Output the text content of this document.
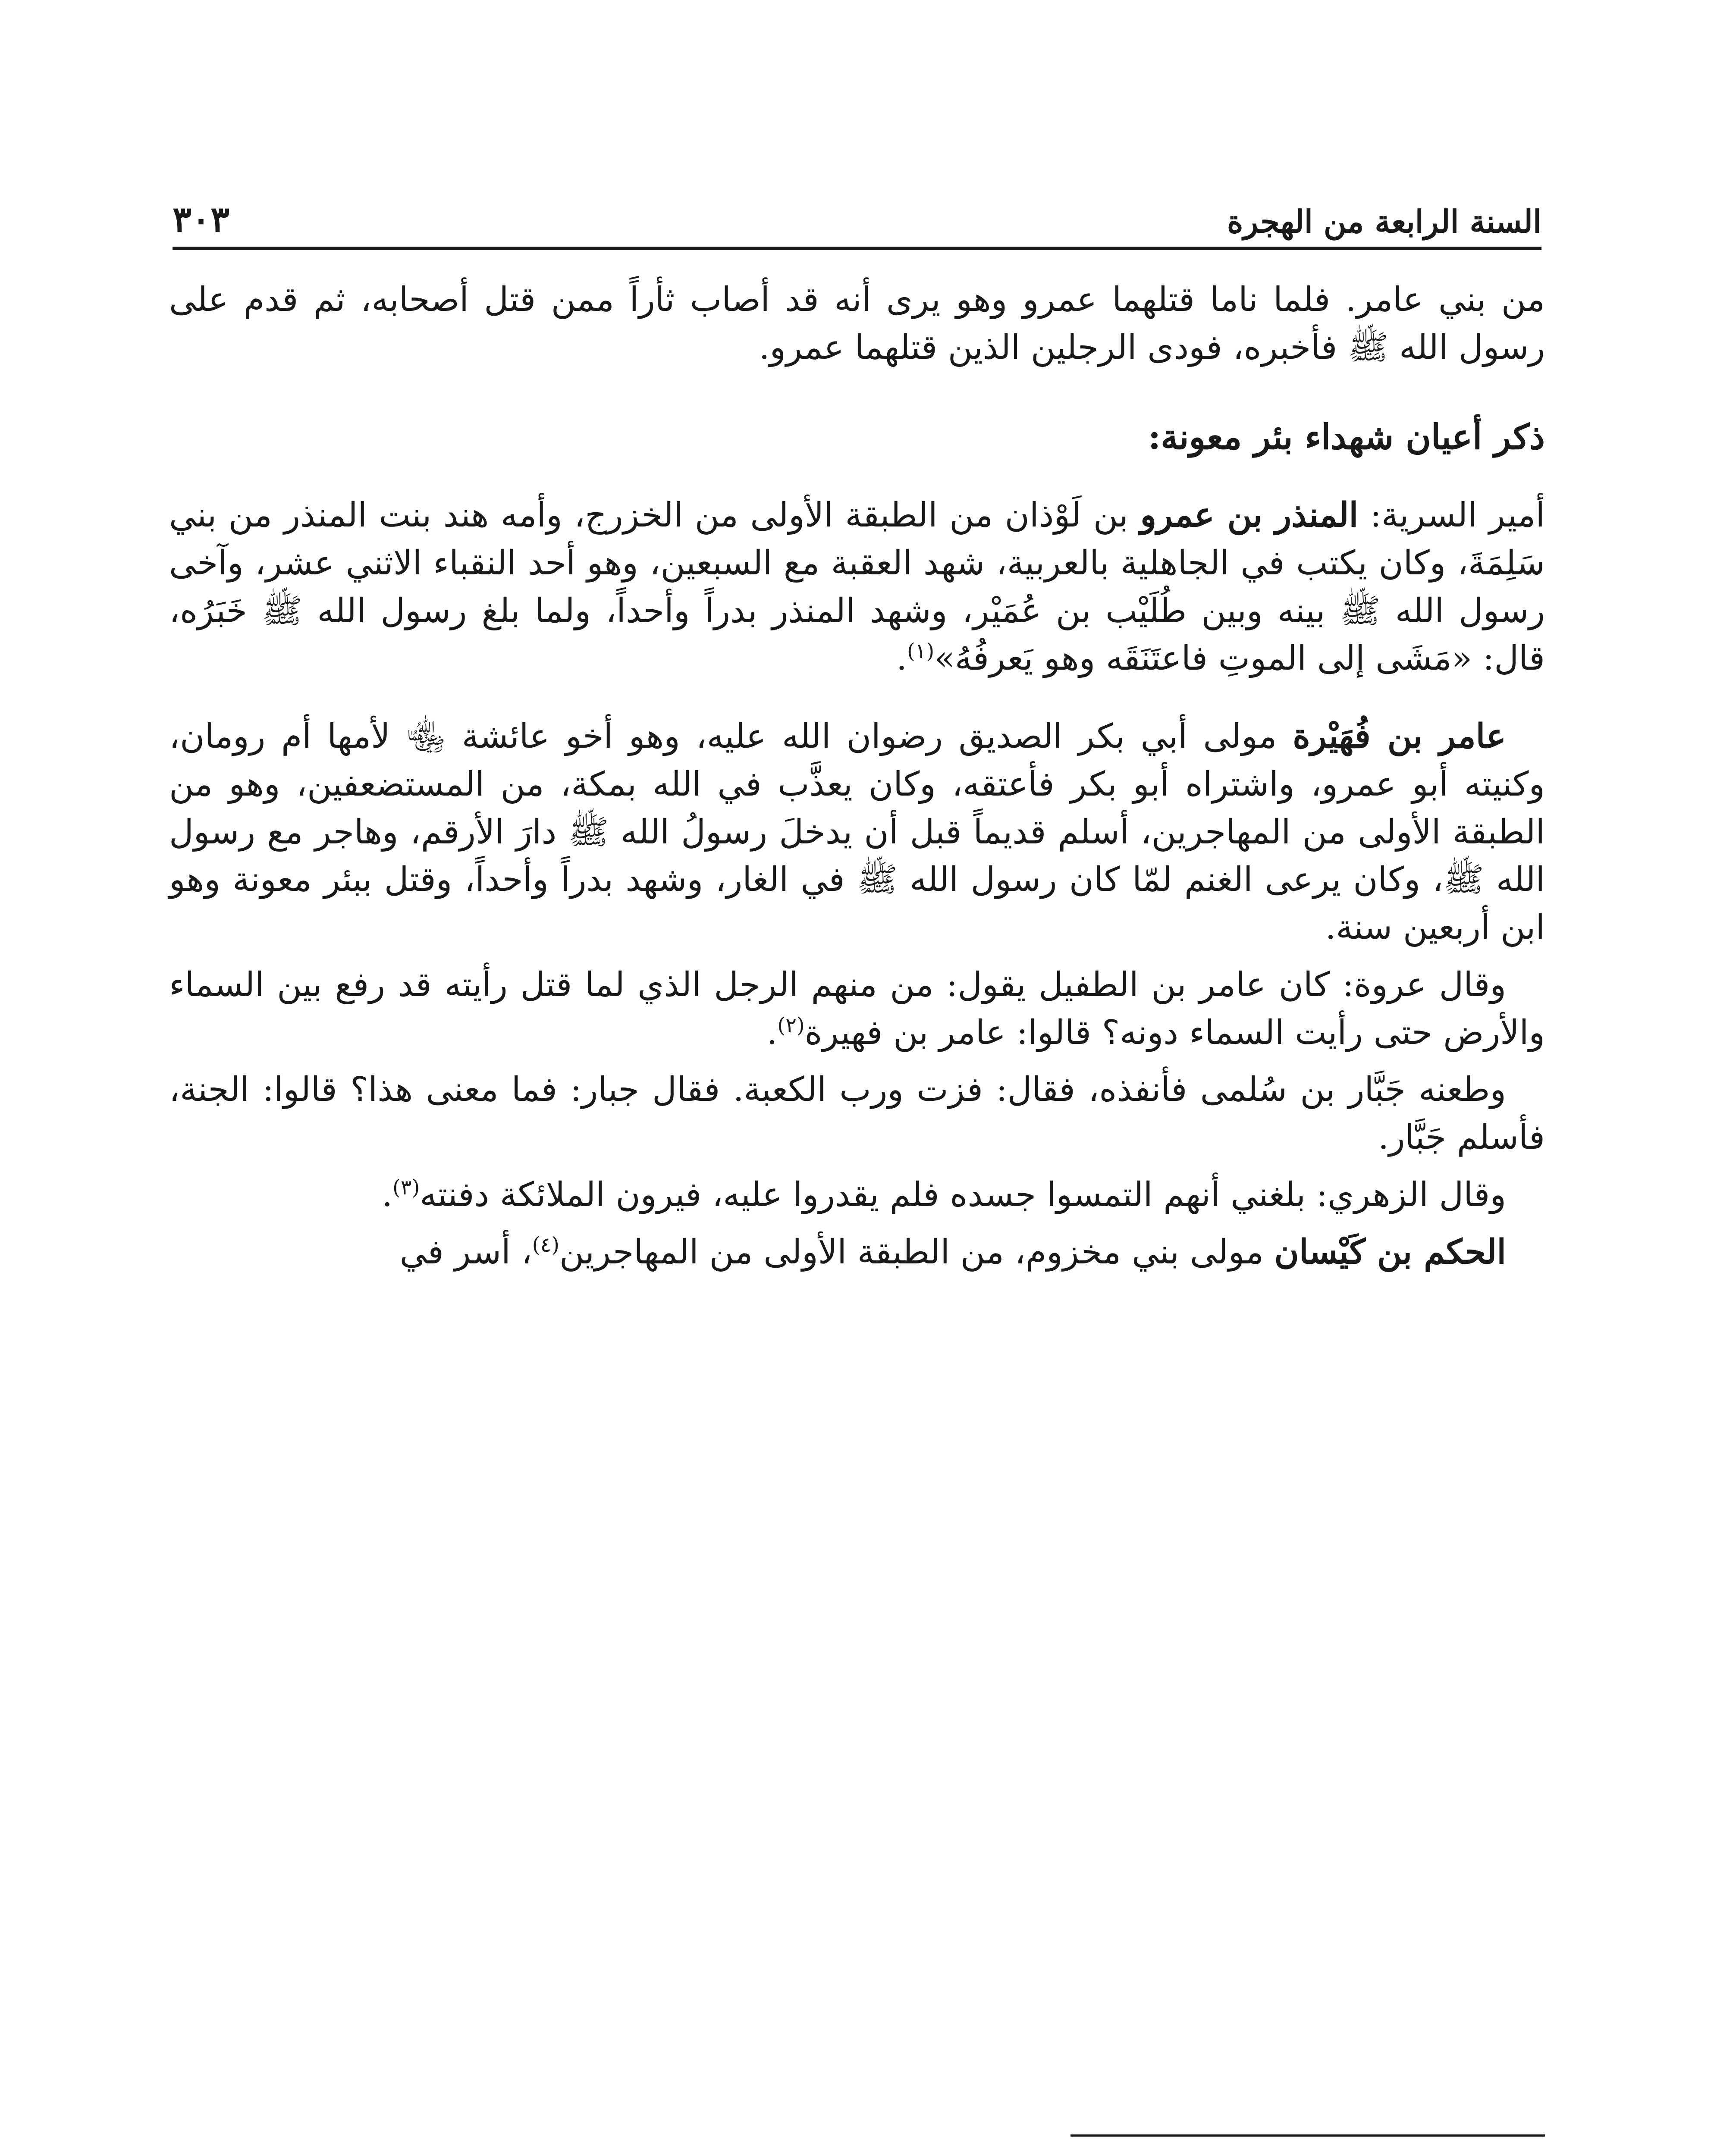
السنة الرابعة من الهجرة
٣٠٣

من بني عامر. فلما ناما قتلهما عمرو وهو يرى أنه قد أصاب ثأراً ممن قتل أصحابه، ثم قدم على رسول الله ﷺ فأخبره، فودى الرجلين الذين قتلهما عمرو.

ذكر أعيان شهداء بئر معونة:

أمير السرية: المنذر بن عمرو بن لَوْذان من الطبقة الأولى من الخزرج، وأمه هند بنت المنذر من بني سَلِمَةَ، وكان يكتب في الجاهلية بالعربية، شهد العقبة مع السبعين، وهو أحد النقباء الاثني عشر، وآخى رسول الله ﷺ بينه وبين طُلَيْب بن عُمَيْر، وشهد المنذر بدراً وأحداً، ولما بلغ رسول الله ﷺ خَبَرُه، قال: «مَشَى إلى الموتِ فاعتَنَقَه وهو يَعرفُهُ»$^{(١)}$.

عامر بن فُهَيْرة مولى أبي بكر الصديق رضوان الله عليه، وهو أخو عائشة ﵄ لأمها أم رومان، وكنيته أبو عمرو، واشتراه أبو بكر فأعتقه، وكان يعذَّب في الله بمكة، من المستضعفين، وهو من الطبقة الأولى من المهاجرين، أسلم قديماً قبل أن يدخلَ رسولُ الله ﷺ دارَ الأرقم، وهاجر مع رسول الله ﷺ، وكان يرعى الغنم لمّا كان رسول الله ﷺ في الغار، وشهد بدراً وأحداً، وقتل ببئر معونة وهو ابن أربعين سنة.

وقال عروة: كان عامر بن الطفيل يقول: من منهم الرجل الذي لما قتل رأيته قد رفع بين السماء والأرض حتى رأيت السماء دونه؟ قالوا: عامر بن فهيرة$^{(٢)}$.

وطعنه جَبَّار بن سُلمى فأنفذه، فقال: فزت ورب الكعبة. فقال جبار: فما معنى هذا؟ قالوا: الجنة، فأسلم جَبَّار.

وقال الزهري: بلغني أنهم التمسوا جسده فلم يقدروا عليه، فيرون الملائكة دفنته$^{(٣)}$.

الحكم بن كَيْسان مولى بني مخزوم، من الطبقة الأولى من المهاجرين$^{(٤)}$، أسر في
